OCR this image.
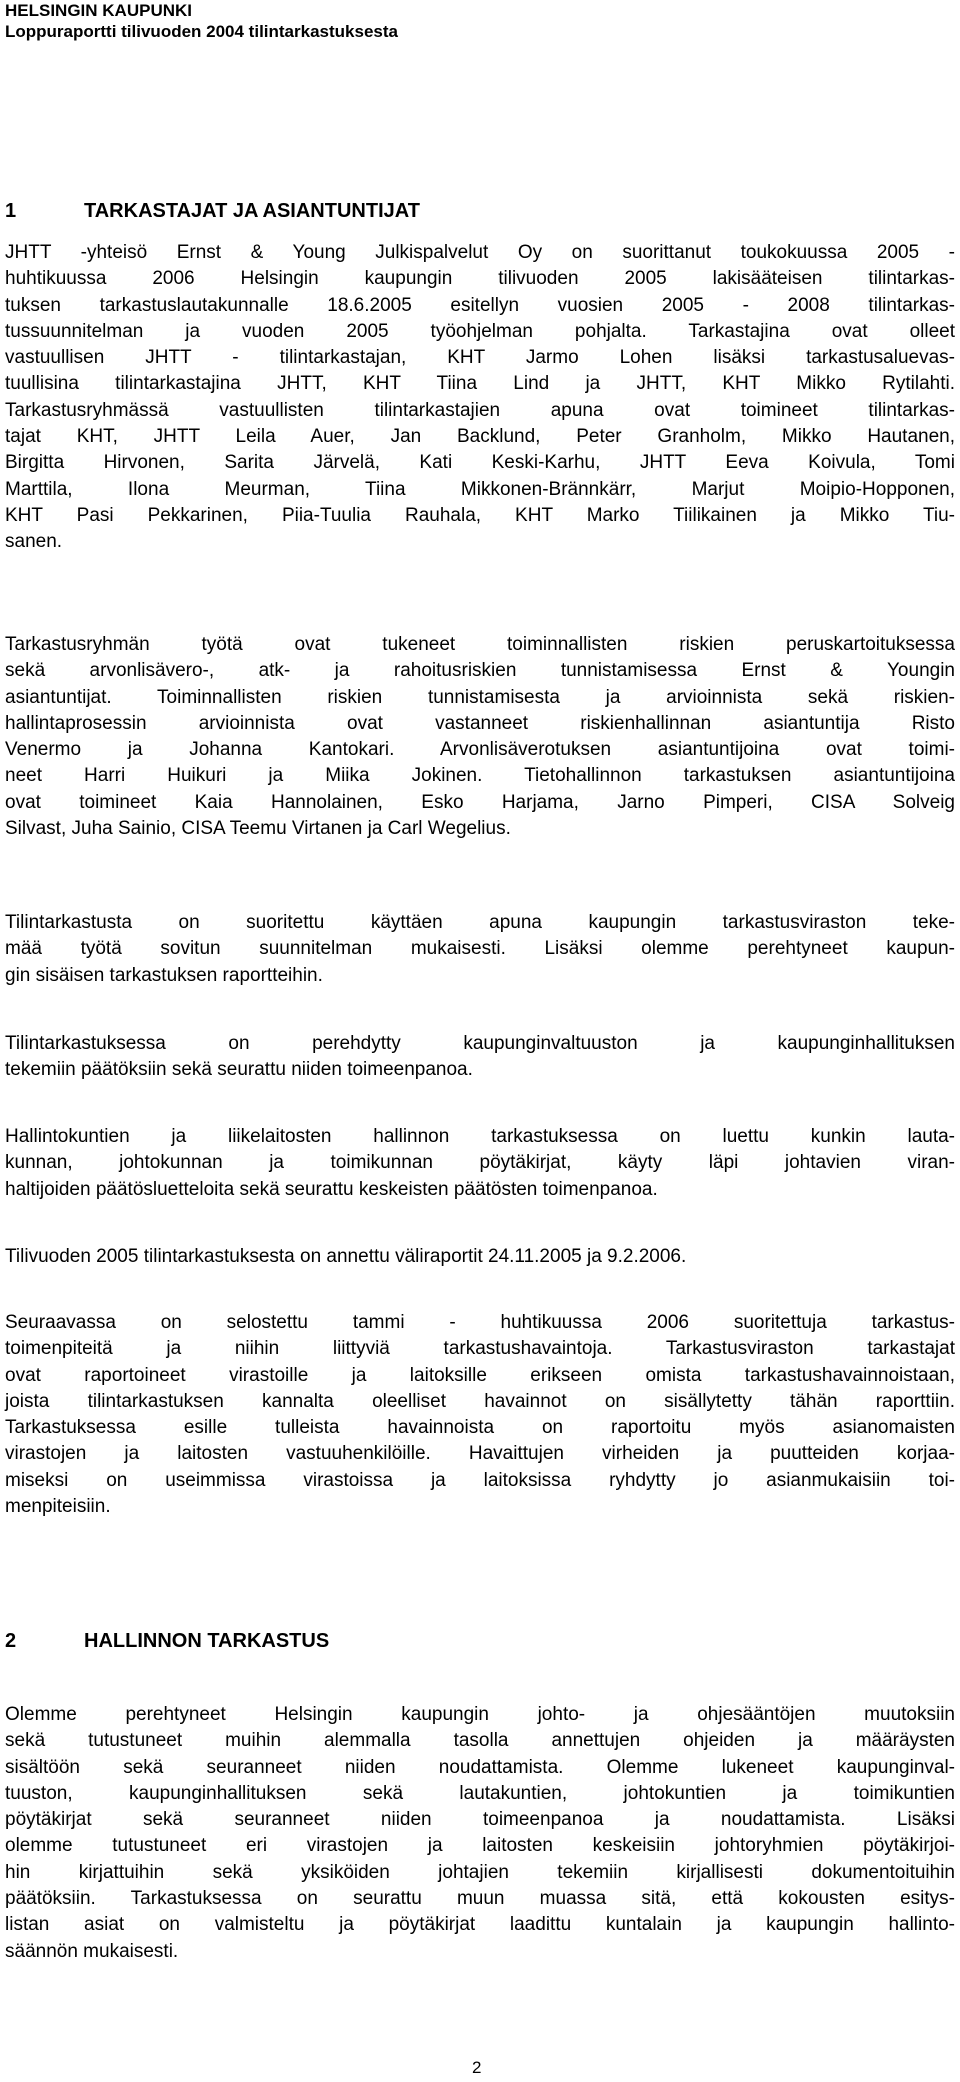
HELSINGIN KAUPUNKI
Loppuraportti tilivuoden 2004 tilintarkastuksesta
1	TARKASTAJAT JA ASIANTUNTIJAT
JHTT -yhteisö Ernst & Young Julkispalvelut Oy on suorittanut toukokuussa 2005 -
huhtikuussa 2006 Helsingin kaupungin tilivuoden 2005 lakisääteisen tilintarkas-
tuksen tarkastuslautakunnalle 18.6.2005 esitellyn vuosien 2005 - 2008 tilintarkas-
tussuunnitelman ja vuoden 2005 työohjelman pohjalta. Tarkastajina ovat olleet
vastuullisen JHTT - tilintarkastajan, KHT Jarmo Lohen lisäksi tarkastusaluevas-
tuullisina tilintarkastajina JHTT, KHT Tiina Lind ja JHTT, KHT Mikko Rytilahti.
Tarkastusryhmässä vastuullisten tilintarkastajien apuna ovat toimineet tilintarkas-
tajat KHT, JHTT Leila Auer, Jan Backlund, Peter Granholm, Mikko Hautanen,
Birgitta Hirvonen, Sarita Järvelä, Kati Keski-Karhu, JHTT Eeva Koivula, Tomi
Marttila, Ilona Meurman, Tiina Mikkonen-Brännkärr, Marjut Moipio-Hopponen,
KHT Pasi Pekkarinen, Piia-Tuulia Rauhala, KHT Marko Tiilikainen ja Mikko Tiu-
sanen.
Tarkastusryhmän työtä ovat tukeneet toiminnallisten riskien peruskartoituksessa
sekä arvonlisävero-, atk- ja rahoitusriskien tunnistamisessa Ernst & Youngin
asiantuntijat. Toiminnallisten riskien tunnistamisesta ja arvioinnista sekä riskien-
hallintaprosessin arvioinnista ovat vastanneet riskienhallinnan asiantuntija Risto
Venermo ja Johanna Kantokari. Arvonlisäverotuksen asiantuntijoina ovat toimi-
neet Harri Huikuri ja Miika Jokinen. Tietohallinnon tarkastuksen asiantuntijoina
ovat toimineet Kaia Hannolainen, Esko Harjama, Jarno Pimperi, CISA Solveig
Silvast, Juha Sainio, CISA Teemu Virtanen ja Carl Wegelius.
Tilintarkastusta on suoritettu käyttäen apuna kaupungin tarkastusviraston teke-
mää työtä sovitun suunnitelman mukaisesti. Lisäksi olemme perehtyneet kaupun-
gin sisäisen tarkastuksen raportteihin.
Tilintarkastuksessa on perehdytty kaupunginvaltuuston ja kaupunginhallituksen
tekemiin päätöksiin sekä seurattu niiden toimeenpanoa.
Hallintokuntien ja liikelaitosten hallinnon tarkastuksessa on luettu kunkin lauta-
kunnan, johtokunnan ja toimikunnan pöytäkirjat, käyty läpi johtavien viran-
haltijoiden päätösluetteloita sekä seurattu keskeisten päätösten toimenpanoa.
Tilivuoden 2005 tilintarkastuksesta on annettu väliraportit 24.11.2005 ja 9.2.2006.
Seuraavassa on selostettu tammi - huhtikuussa 2006 suoritettuja tarkastus-
toimenpiteitä ja niihin liittyviä tarkastushavaintoja. Tarkastusviraston tarkastajat
ovat raportoineet virastoille ja laitoksille erikseen omista tarkastushavainnoistaan,
joista tilintarkastuksen kannalta oleelliset havainnot on sisällytetty tähän raporttiin.
Tarkastuksessa esille tulleista havainnoista on raportoitu myös asianomaisten
virastojen ja laitosten vastuuhenkilöille. Havaittujen virheiden ja puutteiden korjaa-
miseksi on useimmissa virastoissa ja laitoksissa ryhdytty jo asianmukaisiin toi-
menpiteisiin.
2	HALLINNON TARKASTUS
Olemme perehtyneet Helsingin kaupungin johto- ja ohjesääntöjen muutoksiin
sekä tutustuneet muihin alemmalla tasolla annettujen ohjeiden ja määräysten
sisältöön sekä seuranneet niiden noudattamista. Olemme lukeneet kaupunginval-
tuuston, kaupunginhallituksen sekä lautakuntien, johtokuntien ja toimikuntien
pöytäkirjat sekä seuranneet niiden toimeenpanoa ja noudattamista. Lisäksi
olemme tutustuneet eri virastojen ja laitosten keskeisiin johtoryhmien pöytäkirjoi-
hin kirjattuihin sekä yksiköiden johtajien tekemiin kirjallisesti dokumentoituihin
päätöksiin. Tarkastuksessa on seurattu muun muassa sitä, että kokousten esitys-
listan asiat on valmisteltu ja pöytäkirjat laadittu kuntalain ja kaupungin hallinto-
säännön mukaisesti.
2
